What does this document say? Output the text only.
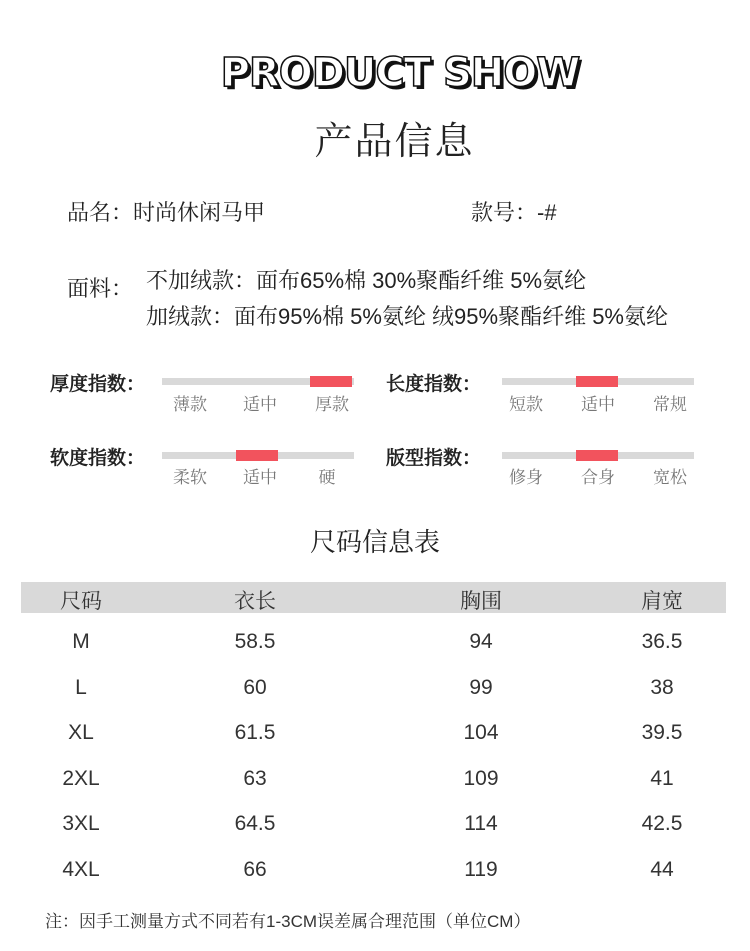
PRODUCT SHOW
产品信息
品名：时尚休闲马甲	款号：-#
面料： 不加绒款：面布65%棉 30%聚酯纤维 5%氨纶
加绒款：面布95%棉 5%氨纶 绒95%聚酯纤维 5%氨纶
厚度指数：
薄款	适中	厚款
长度指数：
短款	适中	常规
软度指数：
柔软	适中	硬
版型指数：
修身	合身	宽松
尺码信息表
尺码	衣长	胸围	肩宽
M	58.5	94	36.5
L	60	99	38
XL	61.5	104	39.5
2XL	63	109	41
3XL	64.5	114	42.5
4XL	66	119	44
注：因手工测量方式不同若有1-3CM误差属合理范围（单位CM）
